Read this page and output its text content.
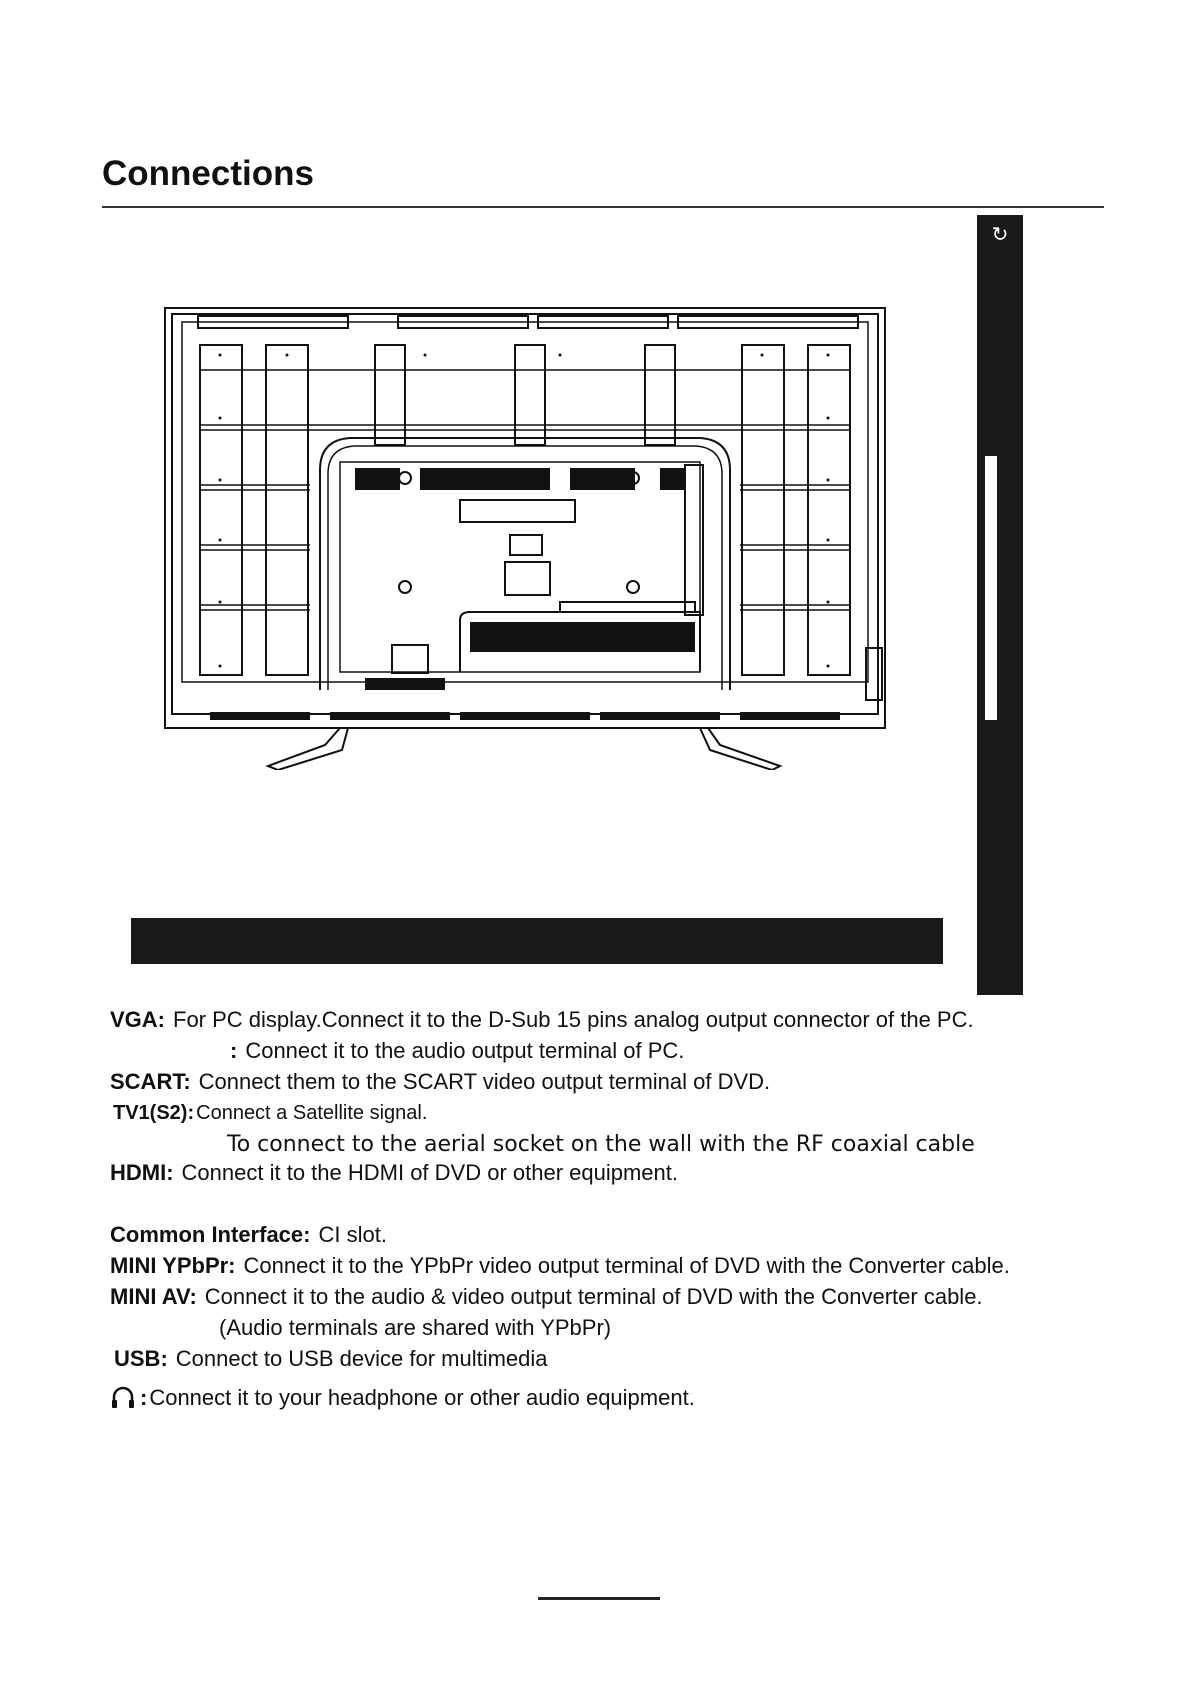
Connections
↻
VGA: For PC display.Connect it to the D-Sub 15 pins analog output connector of the PC.
: Connect it to the audio output terminal of PC.
SCART: Connect them to the SCART video output terminal of DVD.
TV1(S2): Connect a Satellite signal.
To connect to the aerial socket on the wall with the RF coaxial cable
HDMI: Connect it to the HDMI of DVD or other equipment.
Common Interface: CI slot.
MINI YPbPr: Connect it to the YPbPr video output terminal of DVD with the Converter cable.
MINI AV: Connect it to the audio & video output terminal of DVD with the Converter cable.
(Audio terminals are shared with YPbPr)
USB: Connect to USB device for multimedia
:Connect it to your headphone or other audio equipment.
